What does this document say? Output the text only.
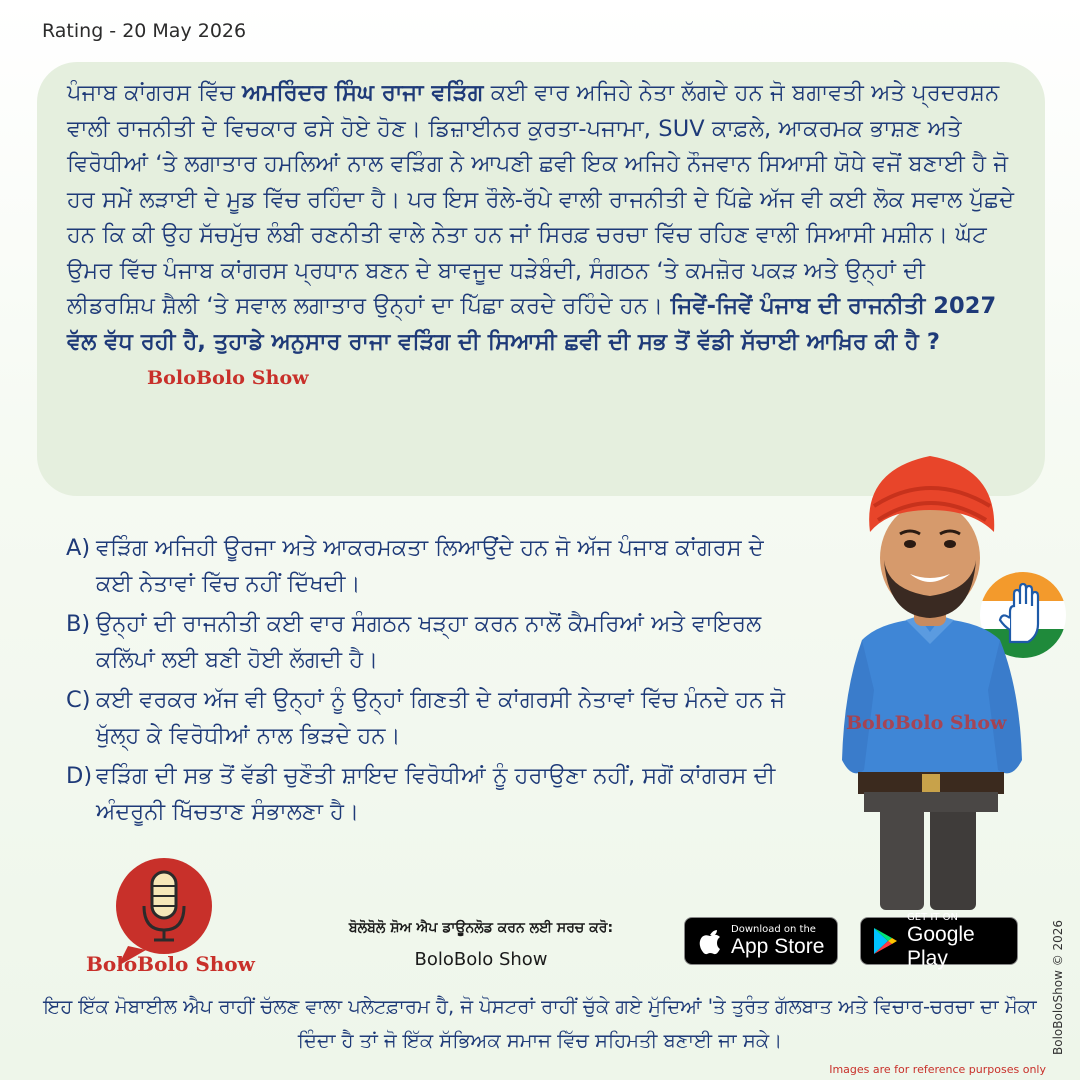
Rating - 20 May 2026

ਪੰਜਾਬ ਕਾਂਗਰਸ ਵਿੱਚ ਅਮਰਿੰਦਰ ਸਿੰਘ ਰਾਜਾ ਵੜਿੰਗ ਕਈ ਵਾਰ ਅਜਿਹੇ ਨੇਤਾ ਲੱਗਦੇ ਹਨ ਜੋ ਬਗਾਵਤੀ ਅਤੇ ਪ੍ਰਦਰਸ਼ਨ ਵਾਲੀ ਰਾਜਨੀਤੀ ਦੇ ਵਿਚਕਾਰ ਫਸੇ ਹੋਏ ਹੋਣ। ਡਿਜ਼ਾਈਨਰ ਕੁਰਤਾ-ਪਜਾਮਾ, SUV ਕਾਫ਼ਲੇ, ਆਕਰਮਕ ਭਾਸ਼ਣ ਅਤੇ ਵਿਰੋਧੀਆਂ ‘ਤੇ ਲਗਾਤਾਰ ਹਮਲਿਆਂ ਨਾਲ ਵੜਿੰਗ ਨੇ ਆਪਣੀ ਛਵੀ ਇਕ ਅਜਿਹੇ ਨੌਜਵਾਨ ਸਿਆਸੀ ਯੋਧੇ ਵਜੋਂ ਬਣਾਈ ਹੈ ਜੋ ਹਰ ਸਮੇਂ ਲੜਾਈ ਦੇ ਮੂਡ ਵਿੱਚ ਰਹਿੰਦਾ ਹੈ। ਪਰ ਇਸ ਰੌਲੇ-ਰੱਪੇ ਵਾਲੀ ਰਾਜਨੀਤੀ ਦੇ ਪਿੱਛੇ ਅੱਜ ਵੀ ਕਈ ਲੋਕ ਸਵਾਲ ਪੁੱਛਦੇ ਹਨ ਕਿ ਕੀ ਉਹ ਸੱਚਮੁੱਚ ਲੰਬੀ ਰਣਨੀਤੀ ਵਾਲੇ ਨੇਤਾ ਹਨ ਜਾਂ ਸਿਰਫ਼ ਚਰਚਾ ਵਿੱਚ ਰਹਿਣ ਵਾਲੀ ਸਿਆਸੀ ਮਸ਼ੀਨ। ਘੱਟ ਉਮਰ ਵਿੱਚ ਪੰਜਾਬ ਕਾਂਗਰਸ ਪ੍ਰਧਾਨ ਬਣਨ ਦੇ ਬਾਵਜੂਦ ਧੜੇਬੰਦੀ, ਸੰਗਠਨ ‘ਤੇ ਕਮਜ਼ੋਰ ਪਕੜ ਅਤੇ ਉਨ੍ਹਾਂ ਦੀ ਲੀਡਰਸ਼ਿਪ ਸ਼ੈਲੀ ‘ਤੇ ਸਵਾਲ ਲਗਾਤਾਰ ਉਨ੍ਹਾਂ ਦਾ ਪਿੱਛਾ ਕਰਦੇ ਰਹਿੰਦੇ ਹਨ। ਜਿਵੇਂ-ਜਿਵੇਂ ਪੰਜਾਬ ਦੀ ਰਾਜਨੀਤੀ 2027 ਵੱਲ ਵੱਧ ਰਹੀ ਹੈ, ਤੁਹਾਡੇ ਅਨੁਸਾਰ ਰਾਜਾ ਵੜਿੰਗ ਦੀ ਸਿਆਸੀ ਛਵੀ ਦੀ ਸਭ ਤੋਂ ਵੱਡੀ ਸੱਚਾਈ ਆਖ਼ਿਰ ਕੀ ਹੈ ?BoloBolo Show

A) ਵੜਿੰਗ ਅਜਿਹੀ ਊਰਜਾ ਅਤੇ ਆਕਰਮਕਤਾ ਲਿਆਉਂਦੇ ਹਨ ਜੋ ਅੱਜ ਪੰਜਾਬ ਕਾਂਗਰਸ ਦੇ ਕਈ ਨੇਤਾਵਾਂ ਵਿੱਚ ਨਹੀਂ ਦਿੱਖਦੀ।
B) ਉਨ੍ਹਾਂ ਦੀ ਰਾਜਨੀਤੀ ਕਈ ਵਾਰ ਸੰਗਠਨ ਖੜ੍ਹਾ ਕਰਨ ਨਾਲੋਂ ਕੈਮਰਿਆਂ ਅਤੇ ਵਾਇਰਲ ਕਲਿੱਪਾਂ ਲਈ ਬਣੀ ਹੋਈ ਲੱਗਦੀ ਹੈ।
C) ਕਈ ਵਰਕਰ ਅੱਜ ਵੀ ਉਨ੍ਹਾਂ ਨੂੰ ਉਨ੍ਹਾਂ ਗਿਣਤੀ ਦੇ ਕਾਂਗਰਸੀ ਨੇਤਾਵਾਂ ਵਿੱਚ ਮੰਨਦੇ ਹਨ ਜੋ ਖੁੱਲ੍ਹ ਕੇ ਵਿਰੋਧੀਆਂ ਨਾਲ ਭਿੜਦੇ ਹਨ।
D) ਵੜਿੰਗ ਦੀ ਸਭ ਤੋਂ ਵੱਡੀ ਚੁਣੌਤੀ ਸ਼ਾਇਦ ਵਿਰੋਧੀਆਂ ਨੂੰ ਹਰਾਉਣਾ ਨਹੀਂ, ਸਗੋਂ ਕਾਂਗਰਸ ਦੀ ਅੰਦਰੂਨੀ ਖਿੱਚਤਾਣ ਸੰਭਾਲਣਾ ਹੈ।
BoloBolo Show
BoloBolo Show
ਬੋਲੋਬੋਲੋ ਸ਼ੋਅ ਐਪ ਡਾਊਨਲੋਡ ਕਰਨ ਲਈ ਸਰਚ ਕਰੋ:
BoloBolo Show
Download on the
App Store
GET IT ON
Google Play	BoloBoloShow © 2026
ਇਹ ਇੱਕ ਮੋਬਾਈਲ ਐਪ ਰਾਹੀਂ ਚੱਲਣ ਵਾਲਾ ਪਲੇਟਫ਼ਾਰਮ ਹੈ, ਜੋ ਪੋਸਟਰਾਂ ਰਾਹੀਂ ਚੁੱਕੇ ਗਏ ਮੁੱਦਿਆਂ 'ਤੇ ਤੁਰੰਤ ਗੱਲਬਾਤ ਅਤੇ ਵਿਚਾਰ-ਚਰਚਾ ਦਾ ਮੌਕਾ ਦਿੰਦਾ ਹੈ ਤਾਂ ਜੋ ਇੱਕ ਸੱਭਿਅਕ ਸਮਾਜ ਵਿੱਚ ਸਹਿਮਤੀ ਬਣਾਈ ਜਾ ਸਕੇ।
Images are for reference purposes only
